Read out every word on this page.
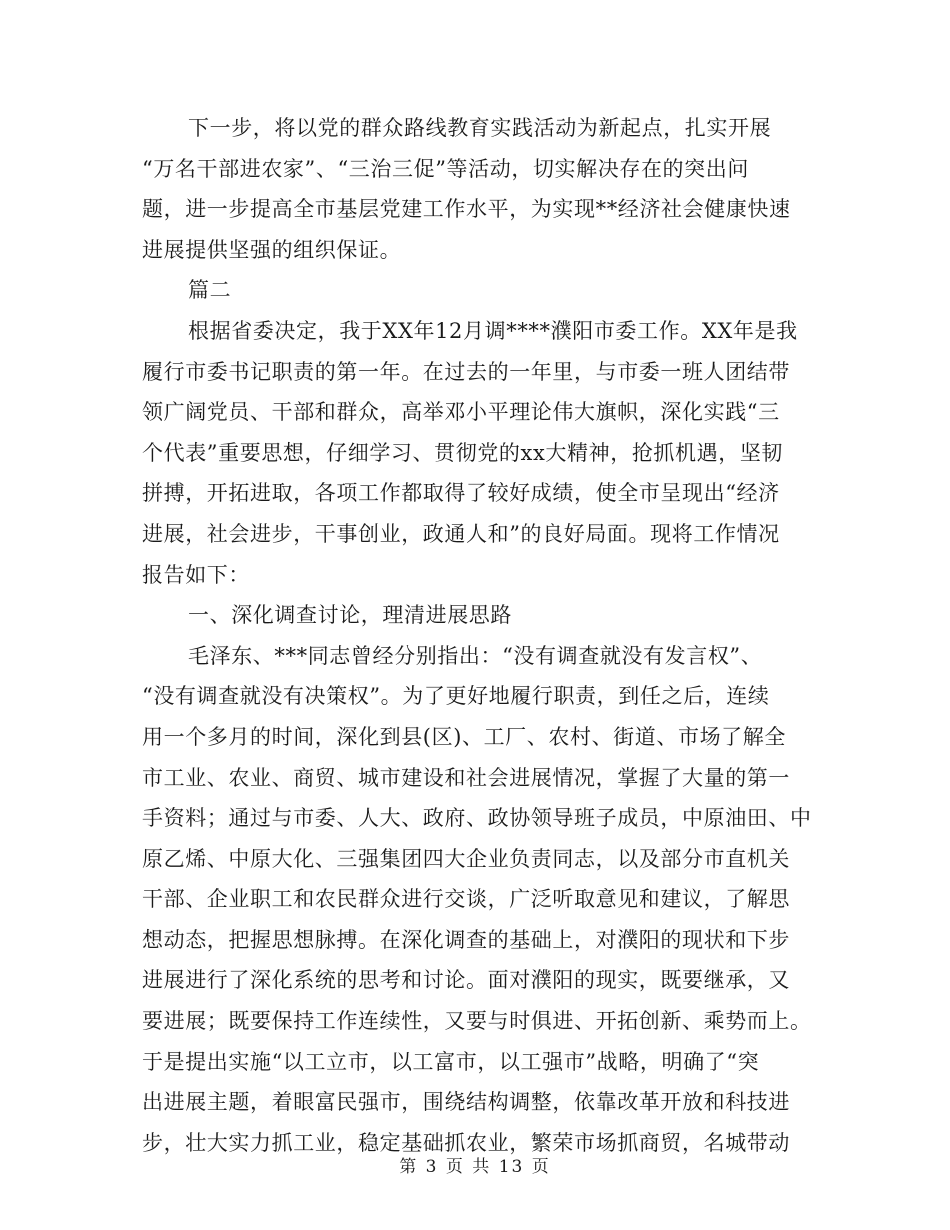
下一步，将以党的群众路线教育实践活动为新起点，扎实开展
“万名干部进农家”、“三治三促”等活动，切实解决存在的突出问
题，进一步提高全市基层党建工作水平，为实现**经济社会健康快速
进展提供坚强的组织保证。
篇二
根据省委决定，我于XX年12月调****濮阳市委工作。XX年是我
履行市委书记职责的第一年。在过去的一年里，与市委一班人团结带
领广阔党员、干部和群众，高举邓小平理论伟大旗帜，深化实践“三
个代表”重要思想，仔细学习、贯彻党的xx大精神，抢抓机遇，坚韧
拼搏，开拓进取，各项工作都取得了较好成绩，使全市呈现出“经济
进展，社会进步，干事创业，政通人和”的良好局面。现将工作情况
报告如下：
一、深化调查讨论，理清进展思路
毛泽东、***同志曾经分别指出：“没有调查就没有发言权”、
“没有调查就没有决策权”。为了更好地履行职责，到任之后，连续
用一个多月的时间，深化到县(区)、工厂、农村、街道、市场了解全
市工业、农业、商贸、城市建设和社会进展情况，掌握了大量的第一
手资料；通过与市委、人大、政府、政协领导班子成员，中原油田、中
原乙烯、中原大化、三强集团四大企业负责同志，以及部分市直机关
干部、企业职工和农民群众进行交谈，广泛听取意见和建议，了解思
想动态，把握思想脉搏。在深化调查的基础上，对濮阳的现状和下步
进展进行了深化系统的思考和讨论。面对濮阳的现实，既要继承，又
要进展；既要保持工作连续性，又要与时俱进、开拓创新、乘势而上。
于是提出实施“以工立市，以工富市，以工强市”战略，明确了“突
出进展主题，着眼富民强市，围绕结构调整，依靠改革开放和科技进
步，壮大实力抓工业，稳定基础抓农业，繁荣市场抓商贸，名城带动
第 3 页 共 13 页
